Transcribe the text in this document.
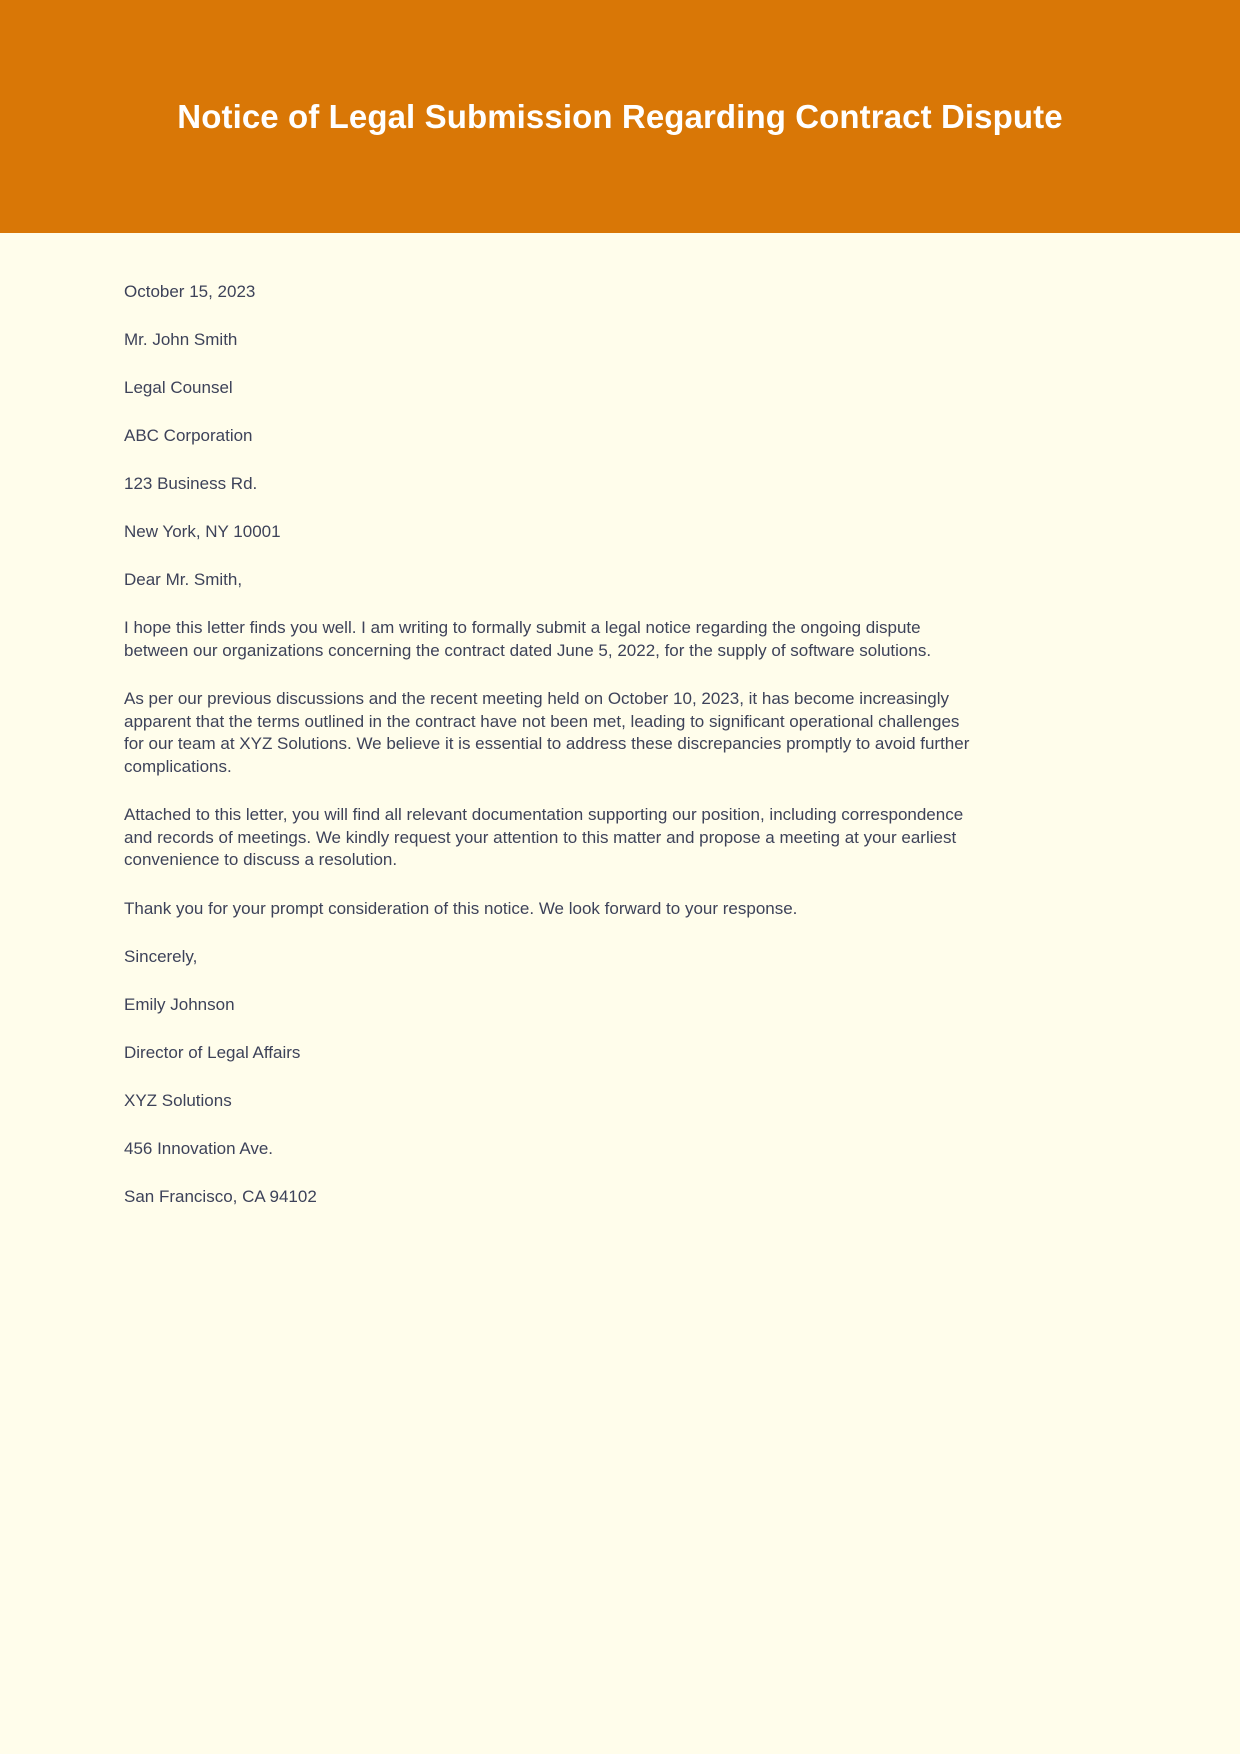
Notice of Legal Submission Regarding Contract Dispute

October 15, 2023

Mr. John Smith

Legal Counsel

ABC Corporation

123 Business Rd.

New York, NY 10001

Dear Mr. Smith,

I hope this letter finds you well. I am writing to formally submit a legal notice regarding the ongoing dispute between our organizations concerning the contract dated June 5, 2022, for the supply of software solutions.

As per our previous discussions and the recent meeting held on October 10, 2023, it has become increasingly apparent that the terms outlined in the contract have not been met, leading to significant operational challenges for our team at XYZ Solutions. We believe it is essential to address these discrepancies promptly to avoid further complications.

Attached to this letter, you will find all relevant documentation supporting our position, including correspondence and records of meetings. We kindly request your attention to this matter and propose a meeting at your earliest convenience to discuss a resolution.

Thank you for your prompt consideration of this notice. We look forward to your response.

Sincerely,

Emily Johnson

Director of Legal Affairs

XYZ Solutions

456 Innovation Ave.

San Francisco, CA 94102
